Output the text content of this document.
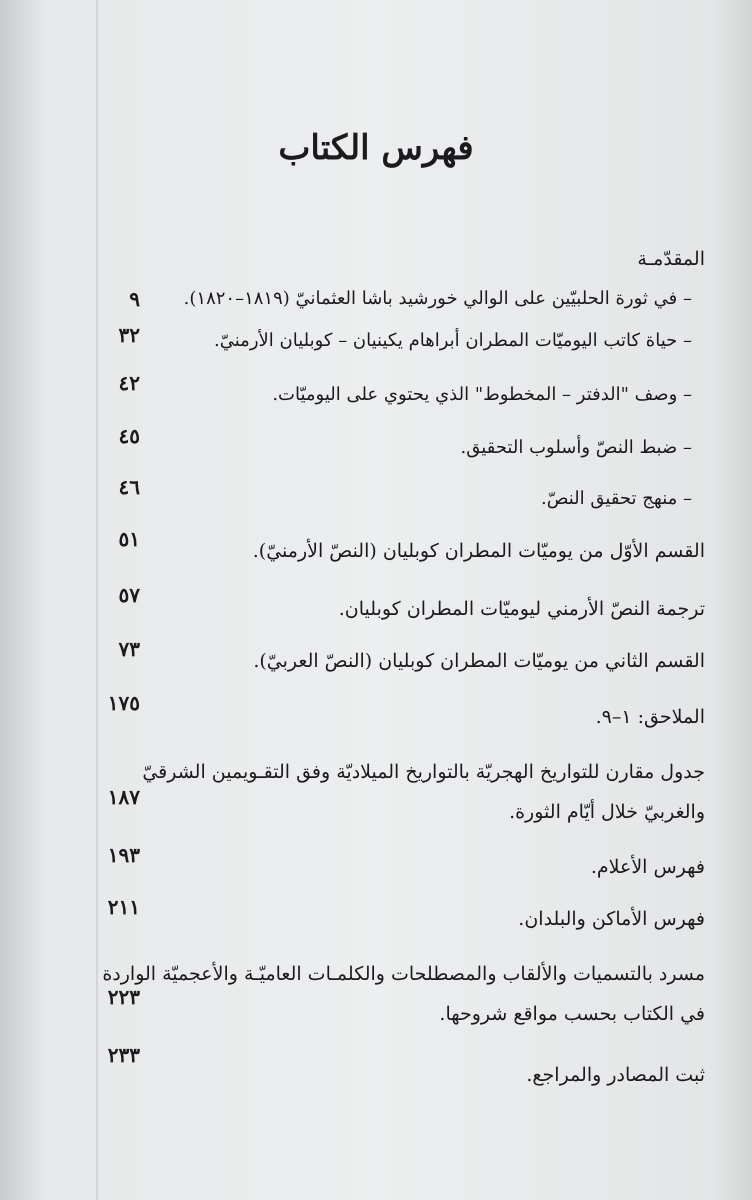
فهرس الكتاب
المقدّمـة
– في ثورة الحلبيّين على الوالي خورشيد باشا العثمانيّ (١٨١٩–١٨٢٠).
٩
– حياة كاتب اليوميّات المطران أبراهام يكينيان – كوبليان الأرمنيّ.
٣٢
– وصف "الدفتر – المخطوط" الذي يحتوي على اليوميّات.
٤٢
– ضبط النصّ وأسلوب التحقيق.
٤٥
– منهج تحقيق النصّ.
٤٦
القسم الأوّل من يوميّات المطران كوبليان (النصّ الأرمنيّ).
٥١
ترجمة النصّ الأرمني ليوميّات المطران كوبليان.
٥٧
القسم الثاني من يوميّات المطران كوبليان (النصّ العربيّ).
٧٣
الملاحق: ١–٩.
١٧٥
جدول مقارن للتواريخ الهجريّة بالتواريخ الميلاديّة وفق التقـويمين الشرقيّ والغربيّ خلال أيّام الثورة.
١٨٧
فهرس الأعلام.
١٩٣
فهرس الأماكن والبلدان.
٢١١
مسرد بالتسميات والألقاب والمصطلحات والكلمـات العاميّـة والأعجميّة الواردة في الكتاب بحسب مواقع شروحها.
٢٢٣
ثبت المصادر والمراجع.
٢٣٣
